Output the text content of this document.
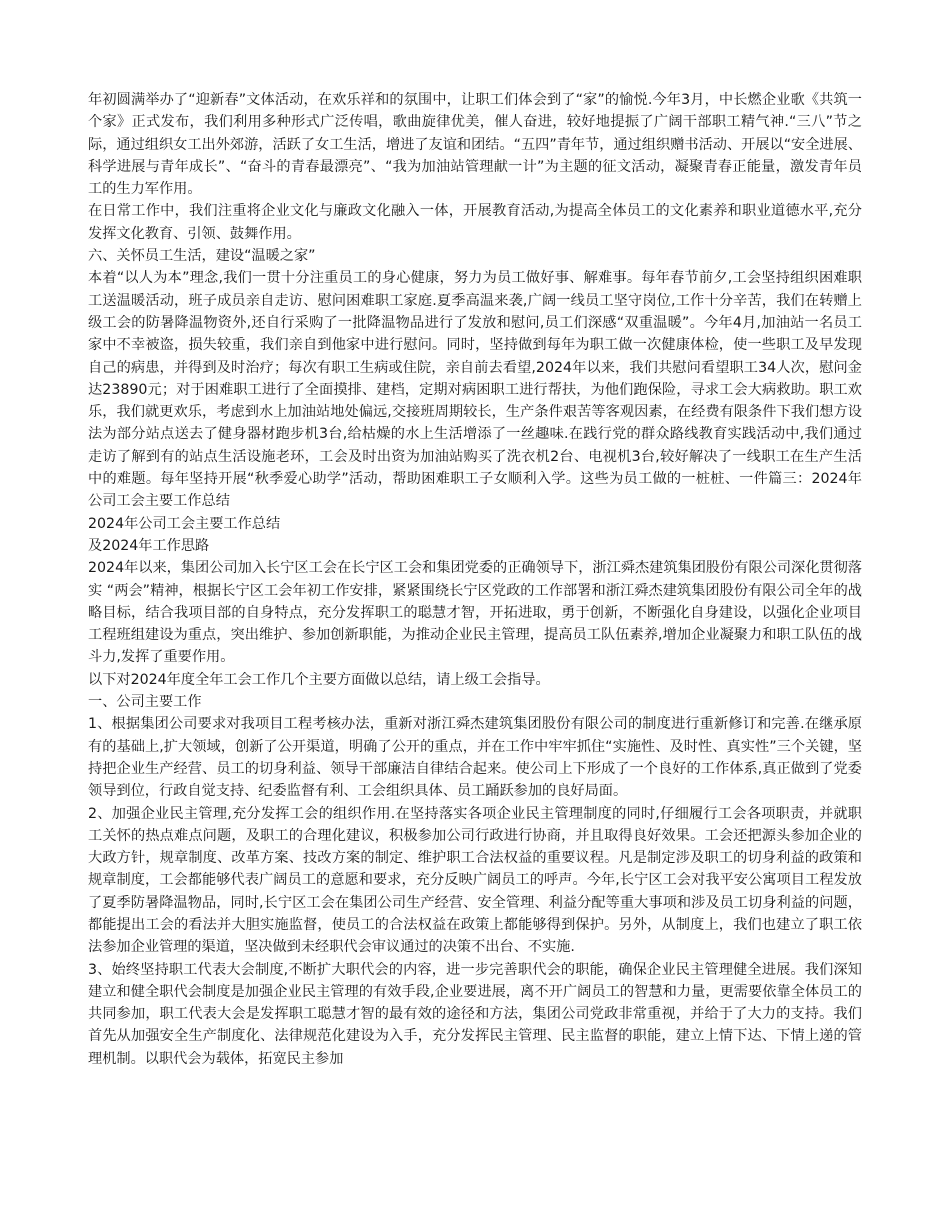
年初圆满举办了“迎新春”文体活动，在欢乐祥和的氛围中，让职工们体会到了“家”的愉悦.今年3月，中长燃企业歌《共筑一个家》正式发布，我们利用多种形式广泛传唱，歌曲旋律优美，催人奋进，较好地提振了广阔干部职工精气神.“三八”节之际，通过组织女工出外郊游，活跃了女工生活，增进了友谊和团结。“五四”青年节，通过组织赠书活动、开展以“安全进展、科学进展与青年成长”、“奋斗的青春最漂亮”、“我为加油站管理献一计”为主题的征文活动，凝聚青春正能量，激发青年员工的生力军作用。

在日常工作中，我们注重将企业文化与廉政文化融入一体，开展教育活动,为提高全体员工的文化素养和职业道德水平,充分发挥文化教育、引领、鼓舞作用。

六、关怀员工生活，建设“温暖之家”

本着“以人为本”理念,我们一贯十分注重员工的身心健康，努力为员工做好事、解难事。每年春节前夕,工会坚持组织困难职工送温暖活动，班子成员亲自走访、慰问困难职工家庭.夏季高温来袭,广阔一线员工坚守岗位,工作十分辛苦，我们在转赠上级工会的防暑降温物资外,还自行采购了一批降温物品进行了发放和慰问,员工们深感“双重温暖”。今年4月,加油站一名员工家中不幸被盗，损失较重，我们亲自到他家中进行慰问。同时，坚持做到每年为职工做一次健康体检，使一些职工及早发现自己的病患，并得到及时治疗；每次有职工生病或住院，亲自前去看望,2024年以来，我们共慰问看望职工34人次，慰问金达23890元；对于困难职工进行了全面摸排、建档，定期对病困职工进行帮扶，为他们跑保险，寻求工会大病救助。职工欢乐，我们就更欢乐，考虑到水上加油站地处偏远,交接班周期较长，生产条件艰苦等客观因素，在经费有限条件下我们想方设法为部分站点送去了健身器材跑步机3台,给枯燥的水上生活增添了一丝趣味.在践行党的群众路线教育实践活动中,我们通过走访了解到有的站点生活设施老环，工会及时出资为加油站购买了洗衣机2台、电视机3台,较好解决了一线职工在生产生活中的难题。每年坚持开展“秋季爱心助学”活动，帮助困难职工子女顺利入学。这些为员工做的一桩桩、一件篇三：2024年公司工会主要工作总结

2024年公司工会主要工作总结

及2024年工作思路

2024年以来，集团公司加入长宁区工会在长宁区工会和集团党委的正确领导下，浙江舜杰建筑集团股份有限公司深化贯彻落实 “两会”精神，根据长宁区工会年初工作安排，紧紧围绕长宁区党政的工作部署和浙江舜杰建筑集团股份有限公司全年的战略目标，结合我项目部的自身特点，充分发挥职工的聪慧才智，开拓进取，勇于创新，不断强化自身建设，以强化企业项目工程班组建设为重点，突出维护、参加创新职能，为推动企业民主管理，提高员工队伍素养,增加企业凝聚力和职工队伍的战斗力,发挥了重要作用。

以下对2024年度全年工会工作几个主要方面做以总结，请上级工会指导。

一、公司主要工作

1、根据集团公司要求对我项目工程考核办法，重新对浙江舜杰建筑集团股份有限公司的制度进行重新修订和完善.在继承原有的基础上,扩大领域，创新了公开渠道，明确了公开的重点，并在工作中牢牢抓住“实施性、及时性、真实性”三个关键，坚持把企业生产经营、员工的切身利益、领导干部廉洁自律结合起来。使公司上下形成了一个良好的工作体系,真正做到了党委领导到位，行政自觉支持、纪委监督有利、工会组织具体、员工踊跃参加的良好局面。

2、加强企业民主管理,充分发挥工会的组织作用.在坚持落实各项企业民主管理制度的同时,仔细履行工会各项职责，并就职工关怀的热点难点问题，及职工的合理化建议，积极参加公司行政进行协商，并且取得良好效果。工会还把源头参加企业的大政方针，规章制度、改革方案、技改方案的制定、维护职工合法权益的重要议程。凡是制定涉及职工的切身利益的政策和规章制度，工会都能够代表广阔员工的意愿和要求，充分反映广阔员工的呼声。今年,长宁区工会对我平安公寓项目工程发放了夏季防暑降温物品，同时,长宁区工会在集团公司生产经营、安全管理、利益分配等重大事项和涉及员工切身利益的问题，都能提出工会的看法并大胆实施监督，使员工的合法权益在政策上都能够得到保护。另外，从制度上，我们也建立了职工依法参加企业管理的渠道，坚决做到未经职代会审议通过的决策不出台、不实施.

3、始终坚持职工代表大会制度,不断扩大职代会的内容，进一步完善职代会的职能，确保企业民主管理健全进展。我们深知建立和健全职代会制度是加强企业民主管理的有效手段,企业要进展，离不开广阔员工的智慧和力量，更需要依靠全体员工的共同参加，职工代表大会是发挥职工聪慧才智的最有效的途径和方法，集团公司党政非常重视，并给于了大力的支持。我们首先从加强安全生产制度化、法律规范化建设为入手，充分发挥民主管理、民主监督的职能，建立上情下达、下情上递的管理机制。以职代会为载体，拓宽民主参加
